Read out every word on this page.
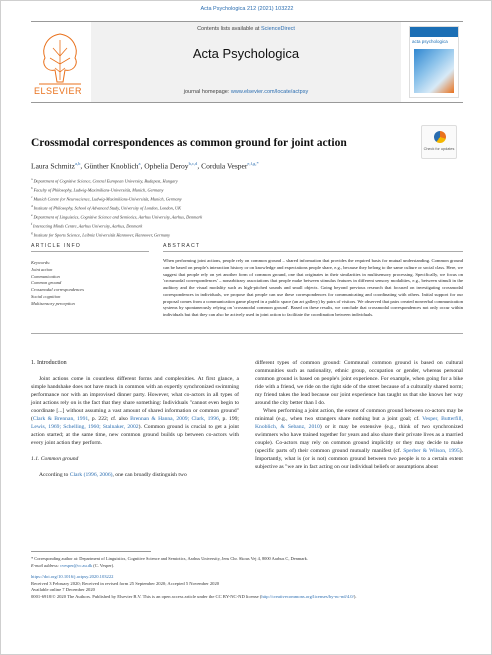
Acta Psychologica 212 (2021) 103222
ELSEVIER
Contents lists available at ScienceDirect
Acta Psychologica
journal homepage: www.elsevier.com/locate/actpsy
acta psychologica
Crossmodal correspondences as common ground for joint action	Check for updates
Laura Schmitz$^{a,b}$, Günther Knoblich$^a$, Ophelia Deroy$^{b,c,d}$, Cordula Vesper$^{e,f,g,*}$
$^a$ Department of Cognitive Science, Central European University, Budapest, Hungary
$^b$ Faculty of Philosophy, Ludwig-Maximilians-Universität, Munich, Germany
$^c$ Munich Centre for Neuroscience, Ludwig-Maximilians-Universität, Munich, Germany
$^d$ Institute of Philosophy, School of Advanced Study, University of London, London, UK
$^e$ Department of Linguistics, Cognitive Science and Semiotics, Aarhus University, Aarhus, Denmark
$^f$ Interacting Minds Centre, Aarhus University, Aarhus, Denmark
$^g$ Institute for Sports Science, Leibniz Universität Hannover, Hannover, Germany
ARTICLE INFO	ABSTRACT
Keywords:
Joint action
Communication
Common ground
Crossmodal correspondences
Social cognition
Multisensory perception
When performing joint actions, people rely on common ground – shared information that provides the required basis for mutual understanding. Common ground can be based on people's interaction history or on knowledge and expectations people share, e.g., because they belong to the same culture or social class. Here, we suggest that people rely on yet another form of common ground, one that originates in their similarities in multisensory processing. Specifically, we focus on 'crossmodal correspondences' – nonarbitrary associations that people make between stimulus features in different sensory modalities, e.g., between stimuli in the auditory and the visual modality such as high-pitched sounds and small objects. Going beyond previous research that focused on investigating crossmodal correspondences in individuals, we propose that people can use these correspondences for communicating and coordinating with others. Initial support for our proposal comes from a communication game played in a public space (an art gallery) by pairs of visitors. We observed that pairs created nonverbal communication systems by spontaneously relying on 'crossmodal common ground'. Based on these results, we conclude that crossmodal correspondences not only occur within individuals but that they can also be actively used in joint action to facilitate the coordination between individuals.
1. Introduction
Joint actions come in countless different forms and complexities. At first glance, a simple handshake does not have much in common with an expertly synchronized swimming performance nor with an improvised dinner party. However, what co-actors in all types of joint actions rely on is the fact that they share something: Individuals "cannot even begin to coordinate [...] without assuming a vast amount of shared information or common ground" (Clark & Brennan, 1991, p. 222; cf. also Brennan & Hanna, 2009; Clark, 1996, p. 199; Lewis, 1969; Schelling, 1960; Stalnaker, 2002). Common ground is crucial to get a joint action started; at the same time, new common ground builds up between co-actors with every joint action they perform.
1.1. Common ground
According to Clark (1996, 2006), one can broadly distinguish two
different types of common ground: Communal common ground is based on cultural communities such as nationality, ethnic group, occupation or gender, whereas personal common ground is based on people's joint experience. For example, when going for a bike ride with a friend, we ride on the right side of the street because of a culturally shared norm; my friend takes the lead because our joint experience has taught us that she knows her way around the city better than I do.
When performing a joint action, the extent of common ground between co-actors may be minimal (e.g., when two strangers share nothing but a joint goal; cf. Vesper, Butterfill, Knoblich, & Sebanz, 2010) or it may be extensive (e.g., think of two synchronized swimmers who have trained together for years and also share their private lives as a married couple). Co-actors may rely on common ground implicitly or they may decide to make (specific parts of) their common ground mutually manifest (cf. Sperber & Wilson, 1995). Importantly, what is (or is not) common ground between two people is to a certain extent subjective as "we are in fact acting on our individual beliefs or assumptions about
* Corresponding author at: Department of Linguistics, Cognitive Science and Semiotics, Aarhus University, Jens Chr. Skous Vej 4, 8000 Aarhus C, Denmark.
E-mail address: cvesper@cc.au.dk (C. Vesper).
https://doi.org/10.1016/j.actpsy.2020.103222
Received 3 February 2020; Received in revised form 25 September 2020; Accepted 5 November 2020
Available online 7 December 2020
0001-6918/© 2020 The Authors. Published by Elsevier B.V. This is an open access article under the CC BY-NC-ND license (http://creativecommons.org/licenses/by-nc-nd/4.0/).
